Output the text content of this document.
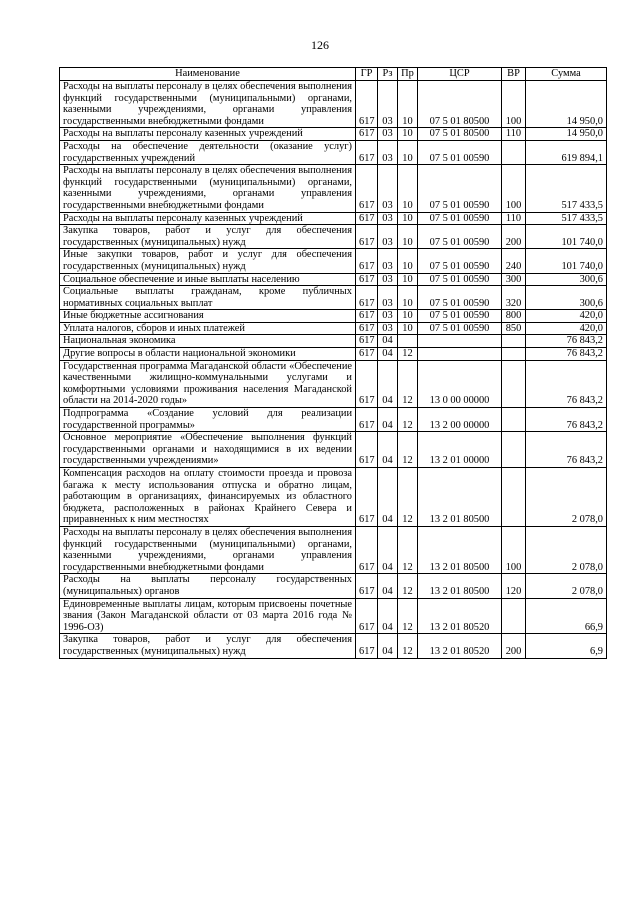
126
Наименование	ГР	Рз	Пр	ЦСР	ВР	Сумма
Расходы на выплаты персоналу в целях обеспечения выполнения функций государственными (муниципальными) органами, казенными учреждениями, органами управления государственными внебюджетными фондами	617	03	10	07 5 01 80500	100	14 950,0
Расходы на выплаты персоналу казенных учреждений	617	03	10	07 5 01 80500	110	14 950,0
Расходы на обеспечение деятельности (оказание услуг) государственных учреждений	617	03	10	07 5 01 00590		619 894,1
Расходы на выплаты персоналу в целях обеспечения выполнения функций государственными (муниципальными) органами, казенными учреждениями, органами управления государственными внебюджетными фондами	617	03	10	07 5 01 00590	100	517 433,5
Расходы на выплаты персоналу казенных учреждений	617	03	10	07 5 01 00590	110	517 433,5
Закупка товаров, работ и услуг для обеспечения государственных (муниципальных) нужд	617	03	10	07 5 01 00590	200	101 740,0
Иные закупки товаров, работ и услуг для обеспечения государственных (муниципальных) нужд	617	03	10	07 5 01 00590	240	101 740,0
Социальное обеспечение и иные выплаты населению	617	03	10	07 5 01 00590	300	300,6
Социальные выплаты гражданам, кроме публичных нормативных социальных выплат	617	03	10	07 5 01 00590	320	300,6
Иные бюджетные ассигнования	617	03	10	07 5 01 00590	800	420,0
Уплата налогов, сборов и иных платежей	617	03	10	07 5 01 00590	850	420,0
Национальная экономика	617	04				76 843,2
Другие вопросы в области национальной экономики	617	04	12			76 843,2
Государственная программа Магаданской области «Обеспечение качественными жилищно-коммунальными услугами и комфортными условиями проживания населения Магаданской области на 2014-2020 годы»	617	04	12	13 0 00 00000		76 843,2
Подпрограмма «Создание условий для реализации государственной программы»	617	04	12	13 2 00 00000		76 843,2
Основное мероприятие «Обеспечение выполнения функций государственными органами и находящимися в их ведении государственными учреждениями»	617	04	12	13 2 01 00000		76 843,2
Компенсация расходов на оплату стоимости проезда и провоза багажа к месту использования отпуска и обратно лицам, работающим в организациях, финансируемых из областного бюджета, расположенных в районах Крайнего Севера и приравненных к ним местностях	617	04	12	13 2 01 80500		2 078,0
Расходы на выплаты персоналу в целях обеспечения выполнения функций государственными (муниципальными) органами, казенными учреждениями, органами управления государственными внебюджетными фондами	617	04	12	13 2 01 80500	100	2 078,0
Расходы на выплаты персоналу государственных (муниципальных) органов	617	04	12	13 2 01 80500	120	2 078,0
Единовременные выплаты лицам, которым присвоены почетные звания (Закон Магаданской области от 03 марта 2016 года № 1996-ОЗ)	617	04	12	13 2 01 80520		66,9
Закупка товаров, работ и услуг для обеспечения государственных (муниципальных) нужд	617	04	12	13 2 01 80520	200	6,9
